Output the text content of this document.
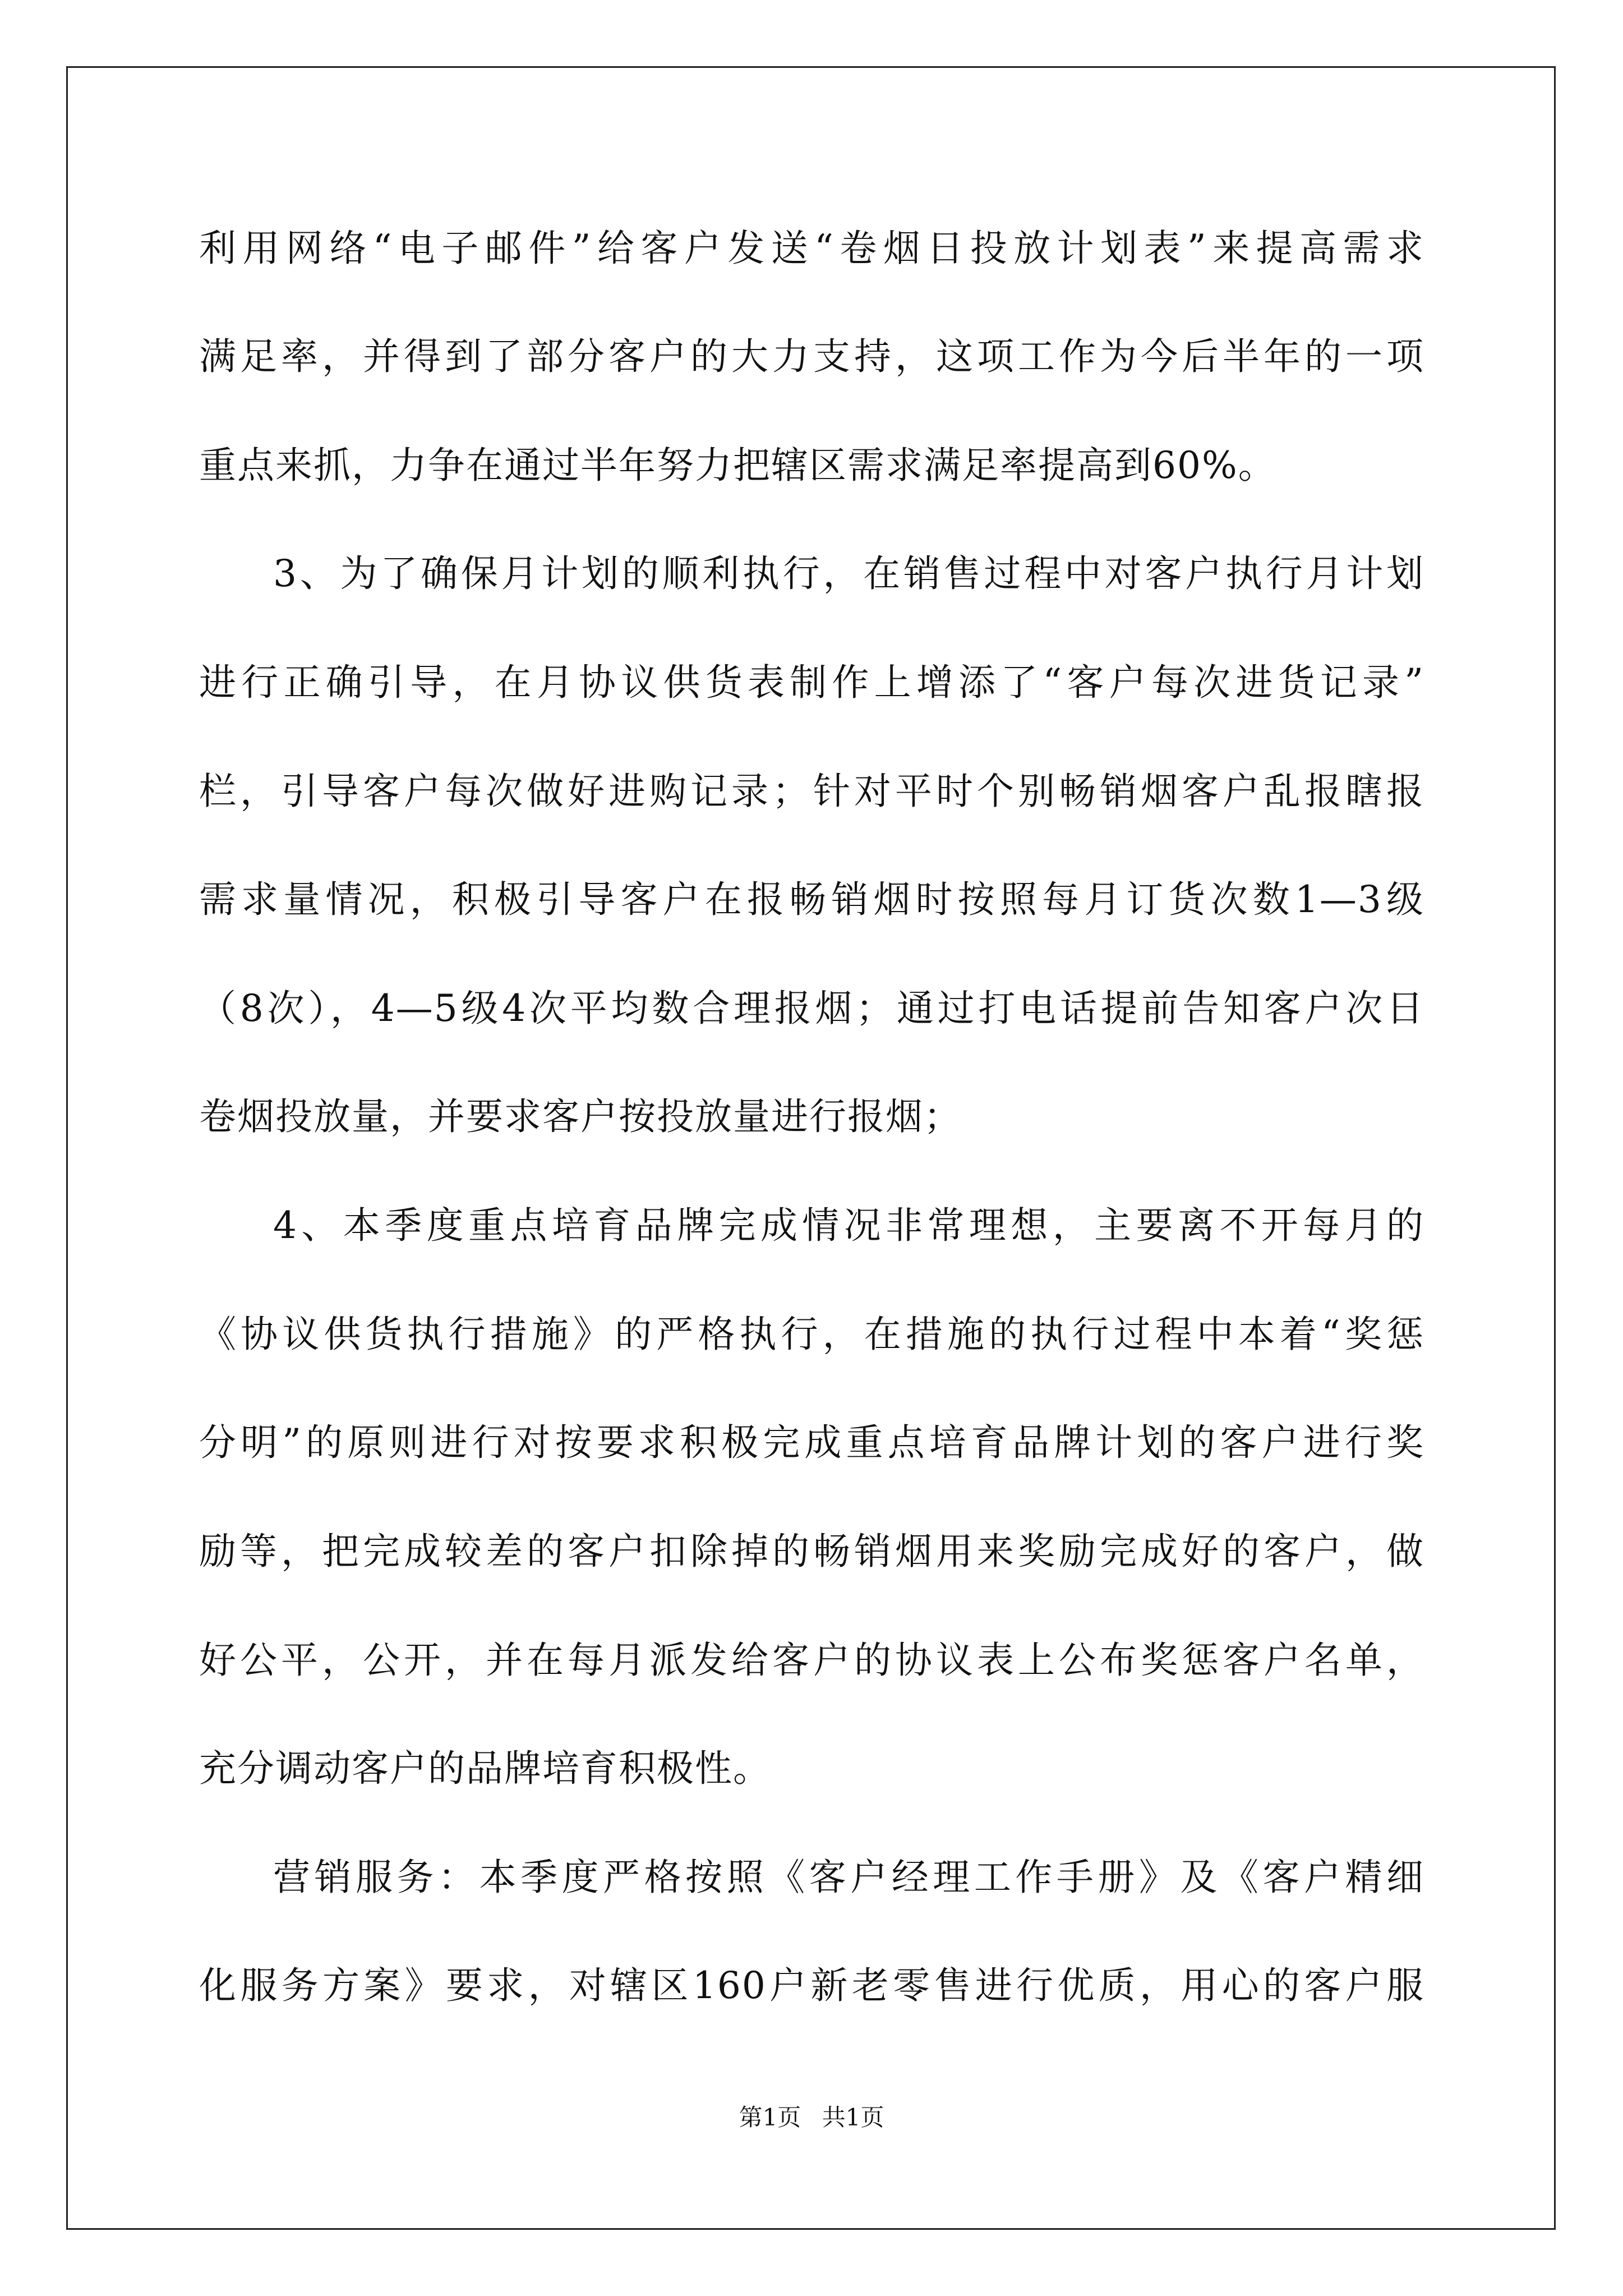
利用网络“电子邮件”给客户发送“卷烟日投放计划表”来提高需求
满足率，并得到了部分客户的大力支持，这项工作为今后半年的一项
重点来抓，力争在通过半年努力把辖区需求满足率提高到60%。
3、为了确保月计划的顺利执行，在销售过程中对客户执行月计划
进行正确引导，在月协议供货表制作上增添了“客户每次进货记录”
栏，引导客户每次做好进购记录；针对平时个别畅销烟客户乱报瞎报
需求量情况，积极引导客户在报畅销烟时按照每月订货次数1—3级
（8次），4—5级4次平均数合理报烟；通过打电话提前告知客户次日
卷烟投放量，并要求客户按投放量进行报烟；
4、本季度重点培育品牌完成情况非常理想，主要离不开每月的
《协议供货执行措施》的严格执行，在措施的执行过程中本着“奖惩
分明”的原则进行对按要求积极完成重点培育品牌计划的客户进行奖
励等，把完成较差的客户扣除掉的畅销烟用来奖励完成好的客户，做
好公平，公开，并在每月派发给客户的协议表上公布奖惩客户名单，
充分调动客户的品牌培育积极性。
营销服务：本季度严格按照《客户经理工作手册》及《客户精细
化服务方案》要求，对辖区160户新老零售进行优质，用心的客户服
第1页 共1页
